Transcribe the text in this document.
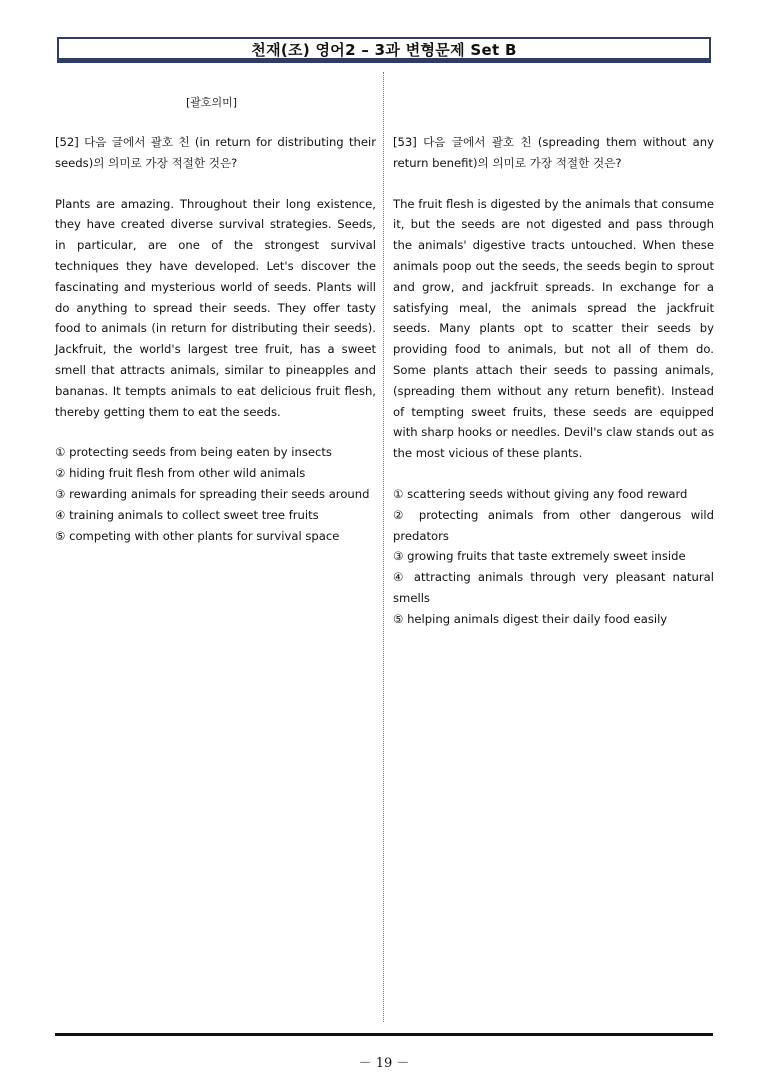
천재(조) 영어2 – 3과 변형문제 Set B
[괄호의미]

[52] 다음 글에서 괄호 친 (in return for distributing their seeds)의 의미로 가장 적절한 것은?

Plants are amazing. Throughout their long existence, they have created diverse survival strategies. Seeds, in particular, are one of the strongest survival techniques they have developed. Let's discover the fascinating and mysterious world of seeds. Plants will do anything to spread their seeds. They offer tasty food to animals (in return for distributing their seeds). Jackfruit, the world's largest tree fruit, has a sweet smell that attracts animals, similar to pineapples and bananas. It tempts animals to eat delicious fruit flesh, thereby getting them to eat the seeds.

① protecting seeds from being eaten by insects

② hiding fruit flesh from other wild animals

③ rewarding animals for spreading their seeds around

④ training animals to collect sweet tree fruits

⑤ competing with other plants for survival space

[53] 다음 글에서 괄호 친 (spreading them without any return benefit)의 의미로 가장 적절한 것은?

The fruit flesh is digested by the animals that consume it, but the seeds are not digested and pass through the animals' digestive tracts untouched. When these animals poop out the seeds, the seeds begin to sprout and grow, and jackfruit spreads. In exchange for a satisfying meal, the animals spread the jackfruit seeds. Many plants opt to scatter their seeds by providing food to animals, but not all of them do. Some plants attach their seeds to passing animals, (spreading them without any return benefit). Instead of tempting sweet fruits, these seeds are equipped with sharp hooks or needles. Devil's claw stands out as the most vicious of these plants.

① scattering seeds without giving any food reward

② protecting animals from other dangerous wild predators

③ growing fruits that taste extremely sweet inside

④ attracting animals through very pleasant natural smells

⑤ helping animals digest their daily food easily

－ 19 －
